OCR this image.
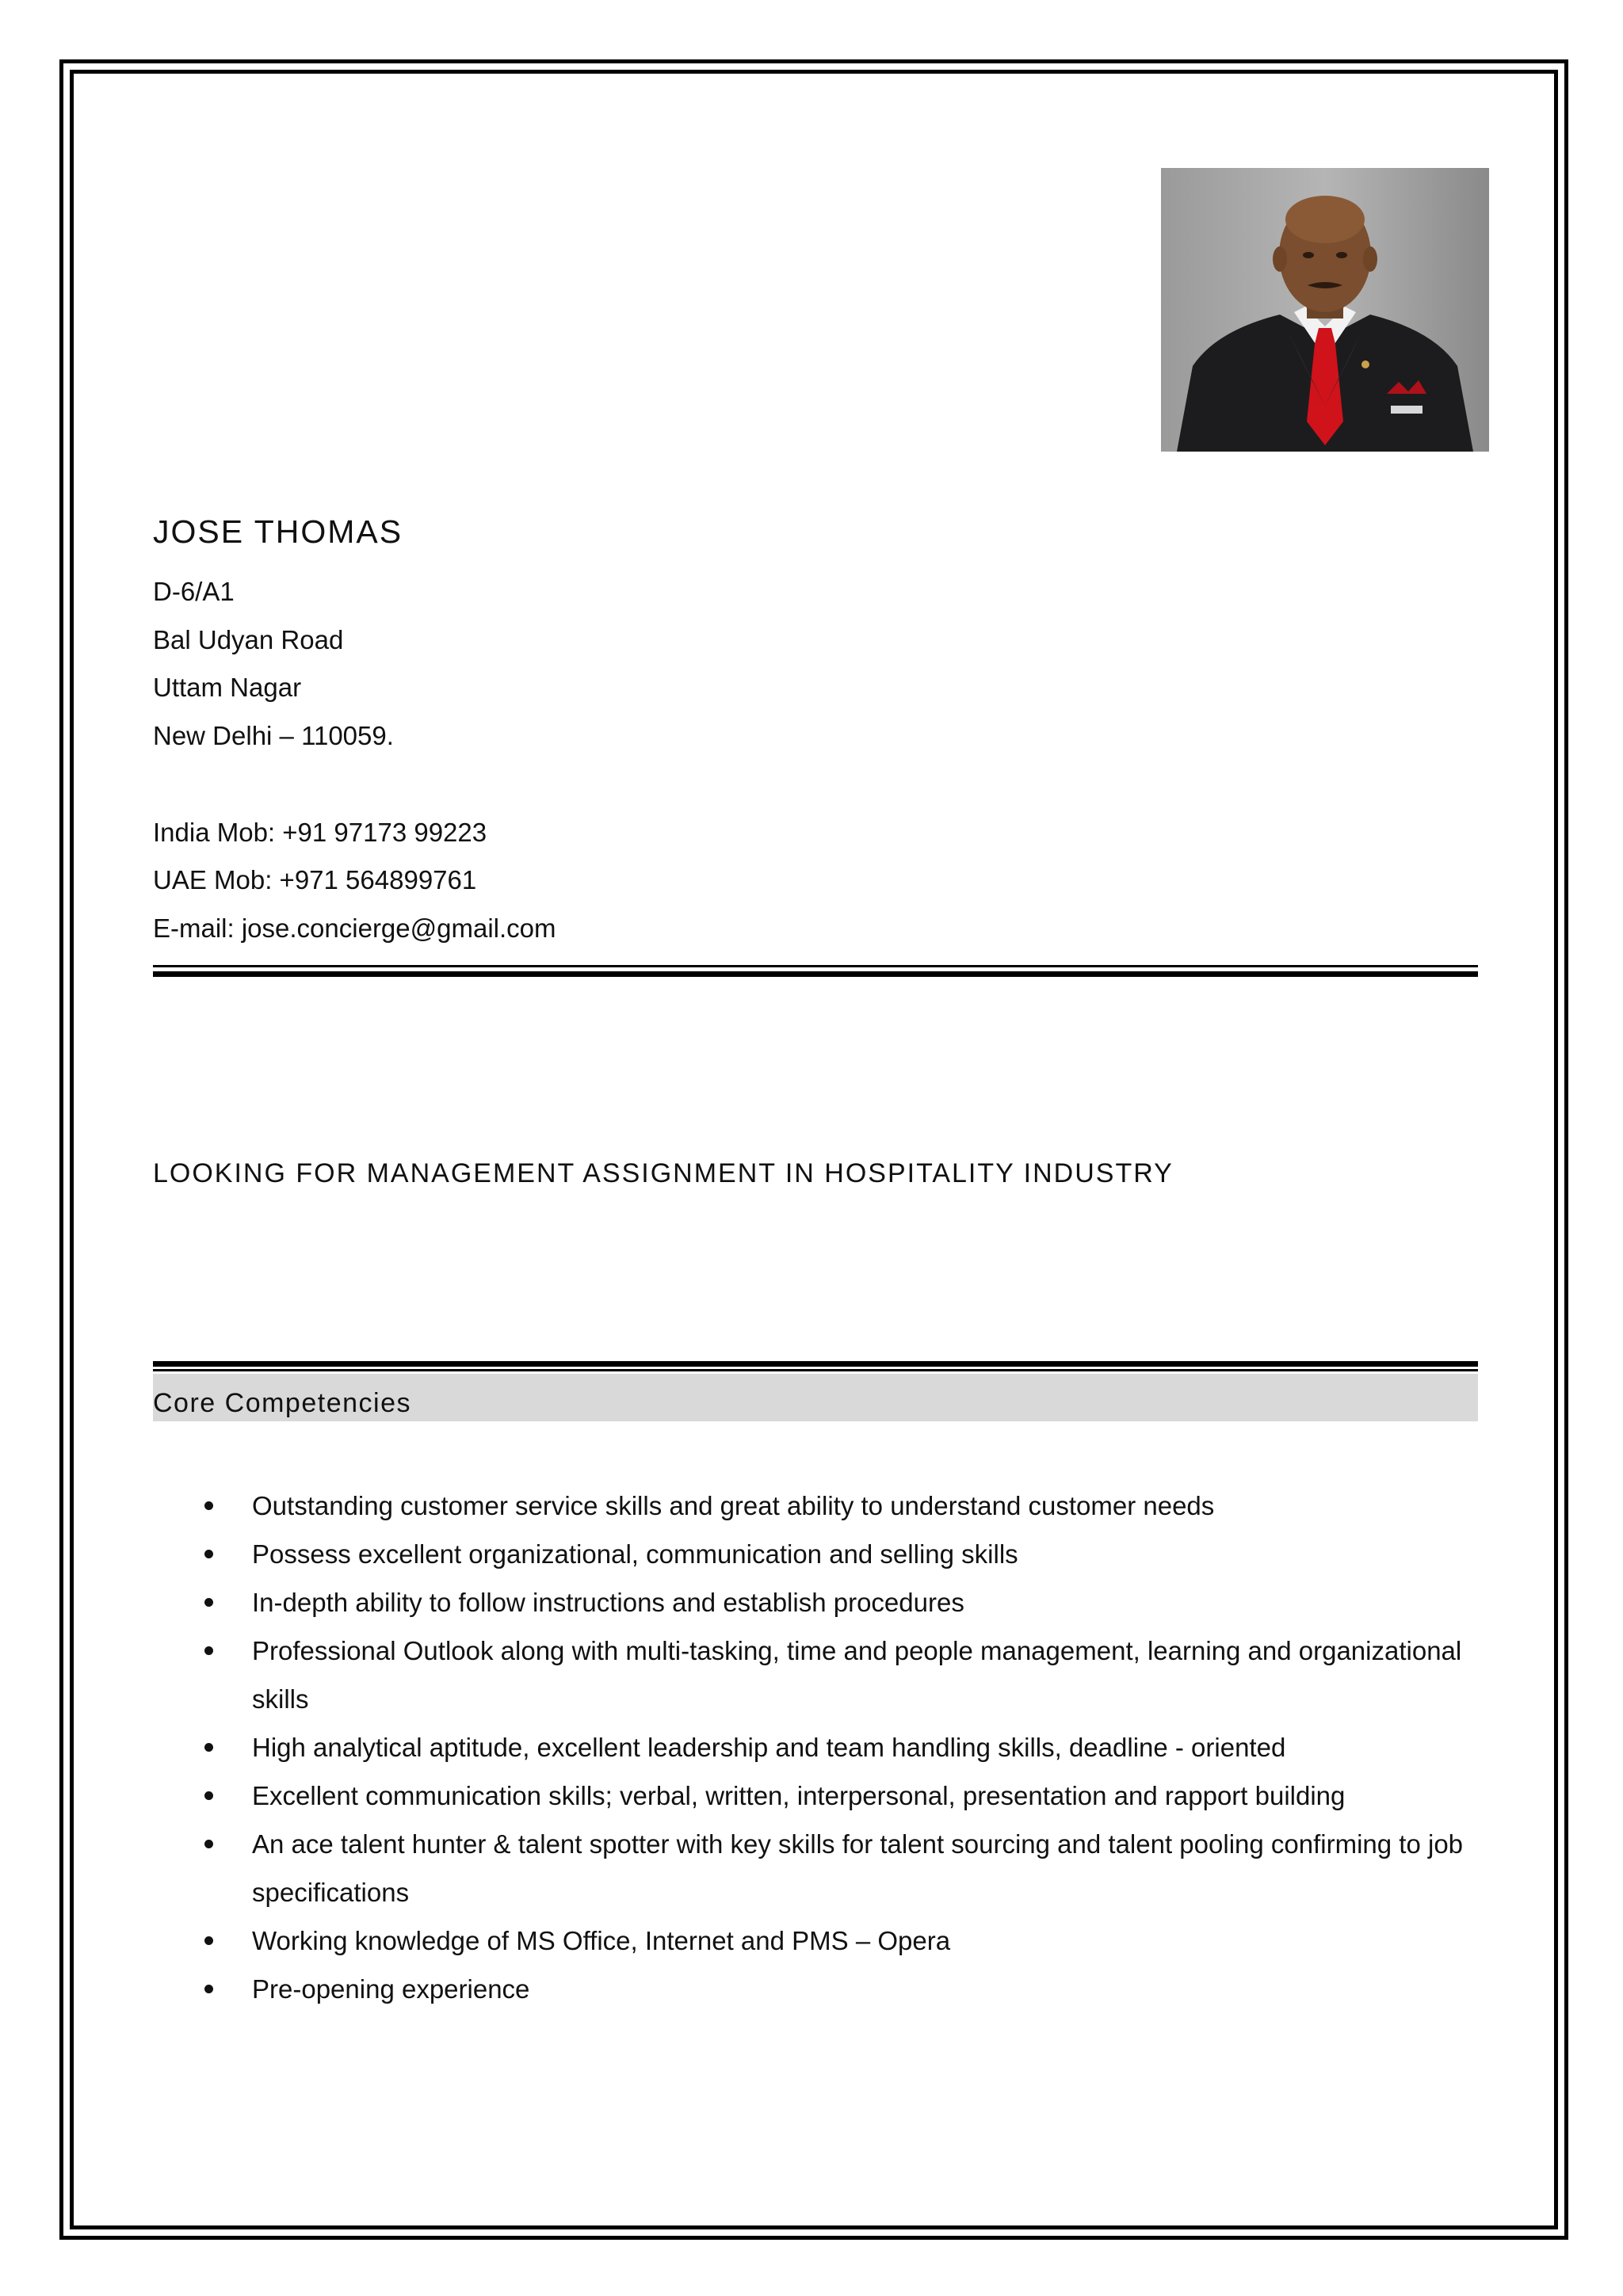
JOSE THOMAS
D-6/A1
Bal Udyan Road
Uttam Nagar
New Delhi – 110059.
India Mob: +91 97173 99223
UAE Mob: +971 564899761
E-mail: jose.concierge@gmail.com
LOOKING FOR MANAGEMENT ASSIGNMENT IN HOSPITALITY INDUSTRY
Core Competencies
Outstanding customer service skills and great ability to understand customer needs
Possess excellent organizational, communication and selling skills
In-depth ability to follow instructions and establish procedures
Professional Outlook along with multi-tasking, time and people management, learning and organizational skills
High analytical aptitude, excellent leadership and team handling skills, deadline - oriented
Excellent communication skills; verbal, written, interpersonal, presentation and rapport building
An ace talent hunter & talent spotter with key skills for talent sourcing and talent pooling confirming to job specifications
Working knowledge of MS Office, Internet and PMS – Opera
Pre-opening experience
